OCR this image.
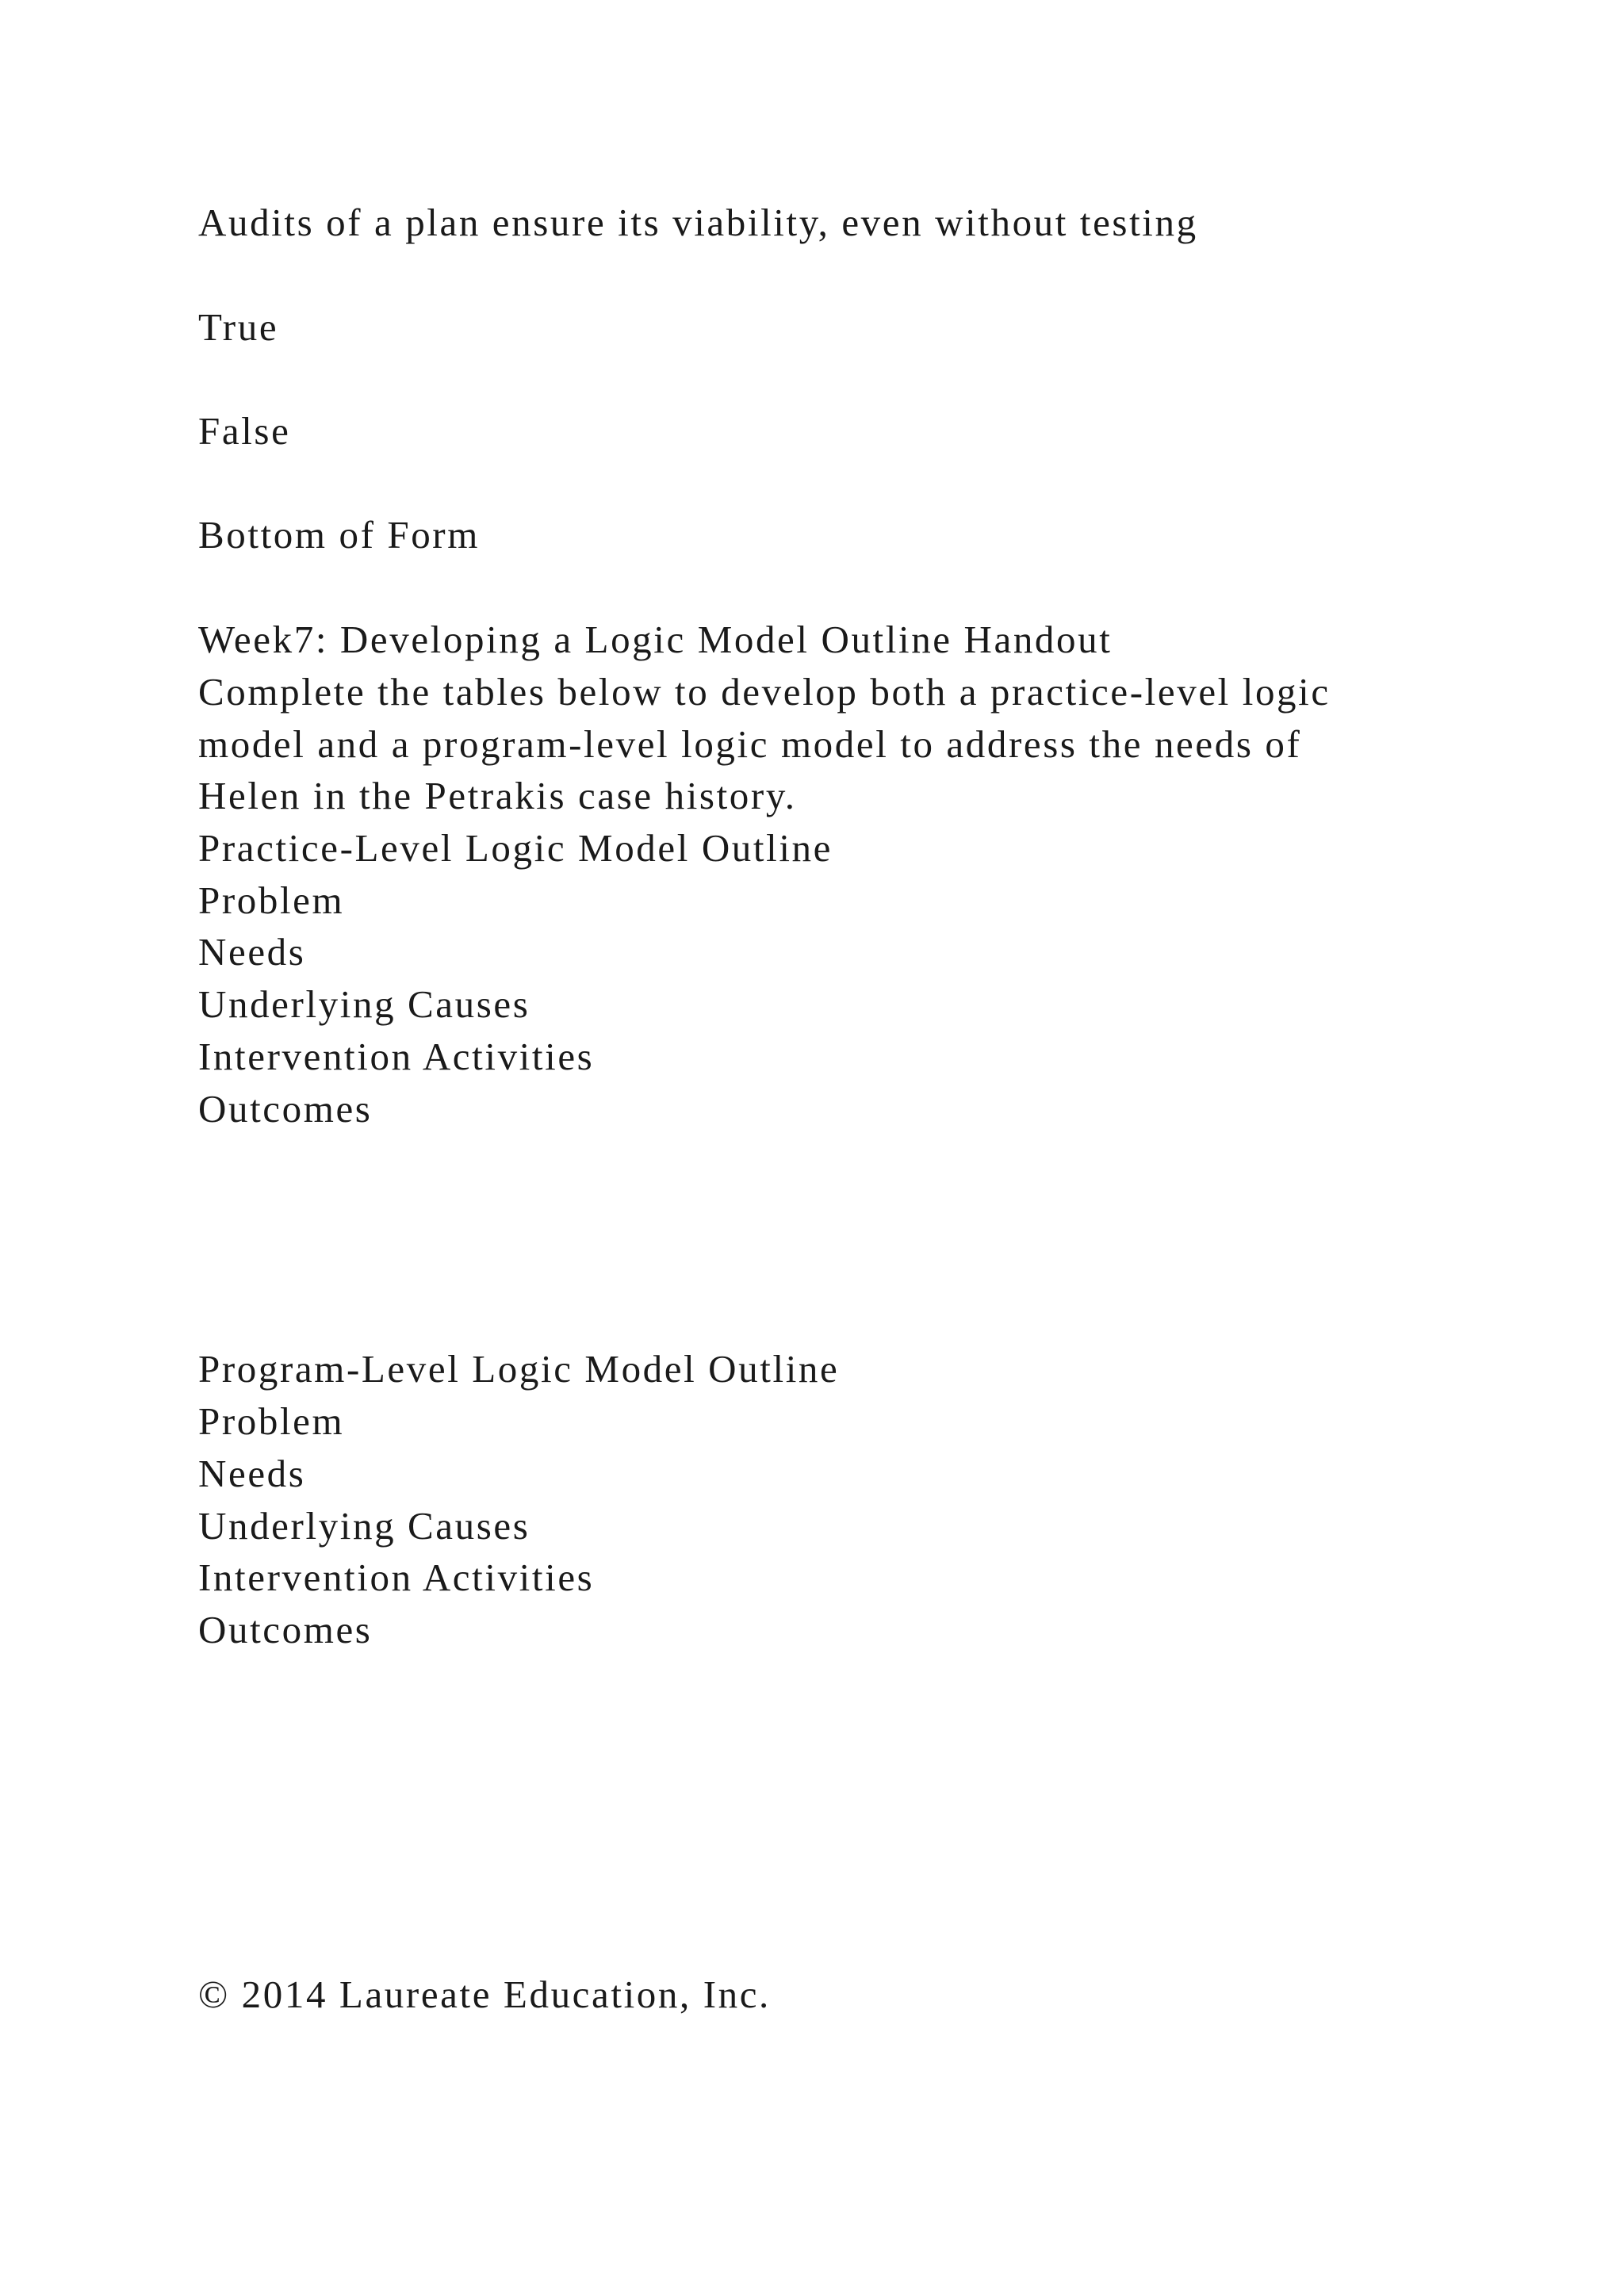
Audits of a plan ensure its viability, even without testing
True
False
Bottom of Form
Week7: Developing a Logic Model Outline Handout
Complete the tables below to develop both a practice-level logic
model and a program-level logic model to address the needs of
Helen in the Petrakis case history.
Practice-Level Logic Model Outline
Problem
Needs
Underlying Causes
Intervention Activities
Outcomes
Program-Level Logic Model Outline
Problem
Needs
Underlying Causes
Intervention Activities
Outcomes
© 2014 Laureate Education, Inc.
